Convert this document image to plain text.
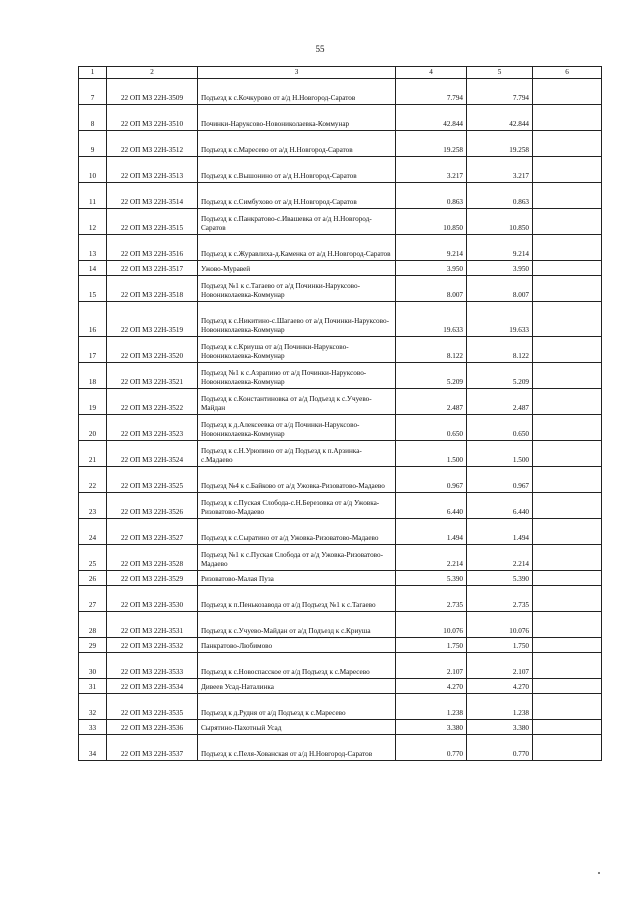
55
1	2	3	4	5	6
7	22 ОП МЗ 22Н-3509	Подъезд к с.Кочкурово от а/д Н.Новгород-Саратов	7.794	7.794	
8	22 ОП МЗ 22Н-3510	Починки-Наруксово-Новониколаевка-Коммунар	42.844	42.844	
9	22 ОП МЗ 22Н-3512	Подъезд к с.Маресево от а/д Н.Новгород-Саратов	19.258	19.258	
10	22 ОП МЗ 22Н-3513	Подъезд к с.Вышонино от а/д Н.Новгород-Саратов	3.217	3.217	
11	22 ОП МЗ 22Н-3514	Подъезд к с.Симбухово от а/д Н.Новгород-Саратов	0.863	0.863	
12	22 ОП МЗ 22Н-3515	Подъезд к с.Панкратово-с.Ивашевка от а/д Н.Новгород-Саратов	10.850	10.850	
13	22 ОП МЗ 22Н-3516	Подъезд к с.Журавлиха-д.Каменка от а/д Н.Новгород-Саратов	9.214	9.214	
14	22 ОП МЗ 22Н-3517	Ужово-Муравей	3.950	3.950	
15	22 ОП МЗ 22Н-3518	Подъезд №1 к с.Тагаево от а/д Починки-Наруксово-Новониколаевка-Коммунар	8.007	8.007	
16	22 ОП МЗ 22Н-3519	Подъезд к с.Никитино-с.Шагаево от а/д Починки-Наруксово-Новониколаевка-Коммунар	19.633	19.633	
17	22 ОП МЗ 22Н-3520	Подъезд к с.Криуша от а/д Починки-Наруксово-Новониколаевка-Коммунар	8.122	8.122	
18	22 ОП МЗ 22Н-3521	Подъезд №1 к с.Азрапино от а/д Починки-Наруксово-Новониколаевка-Коммунар	5.209	5.209	
19	22 ОП МЗ 22Н-3522	Подъезд к с.Константиновка от а/д Подъезд к с.Учуево-Майдан	2.487	2.487	
20	22 ОП МЗ 22Н-3523	Подъезд к д.Алексеевка от а/д Починки-Наруксово-Новониколаевка-Коммунар	0.650	0.650	
21	22 ОП МЗ 22Н-3524	Подъезд к с.Н.Урюпино от а/д Подъезд к п.Арзинка-с.Мадаево	1.500	1.500	
22	22 ОП МЗ 22Н-3525	Подъезд №4 к с.Байково от а/д Ужовка-Ризоватово-Мадаево	0.967	0.967	
23	22 ОП МЗ 22Н-3526	Подъезд к с.Пуская Слобода-с.Н.Березовка от а/д Ужовка-Ризоватово-Мадаево	6.440	6.440	
24	22 ОП МЗ 22Н-3527	Подъезд к с.Сыратино от а/д Ужовка-Ризоватово-Мадаево	1.494	1.494	
25	22 ОП МЗ 22Н-3528	Подъезд №1 к с.Пуская Слобода от а/д Ужовка-Ризоватово-Мадаево	2.214	2.214	
26	22 ОП МЗ 22Н-3529	Ризоватово-Малая Пуза	5.390	5.390	
27	22 ОП МЗ 22Н-3530	Подъезд к п.Пенькозавода от а/д Подъезд №1 к с.Тагаево	2.735	2.735	
28	22 ОП МЗ 22Н-3531	Подъезд к с.Учуево-Майдан от а/д Подъезд к с.Криуша	10.076	10.076	
29	22 ОП МЗ 22Н-3532	Панкратово-Любимово	1.750	1.750	
30	22 ОП МЗ 22Н-3533	Подъезд к с.Новоспасское от а/д Подъезд к с.Маресево	2.107	2.107	
31	22 ОП МЗ 22Н-3534	Дивеев Усад-Наталинка	4.270	4.270	
32	22 ОП МЗ 22Н-3535	Подъезд к д.Рудня от а/д Подъезд к с.Маресево	1.238	1.238	
33	22 ОП МЗ 22Н-3536	Сырятино-Пахотный Усад	3.380	3.380	
34	22 ОП МЗ 22Н-3537	Подъезд к с.Пеля-Хованская от а/д Н.Новгород-Саратов	0.770	0.770	
